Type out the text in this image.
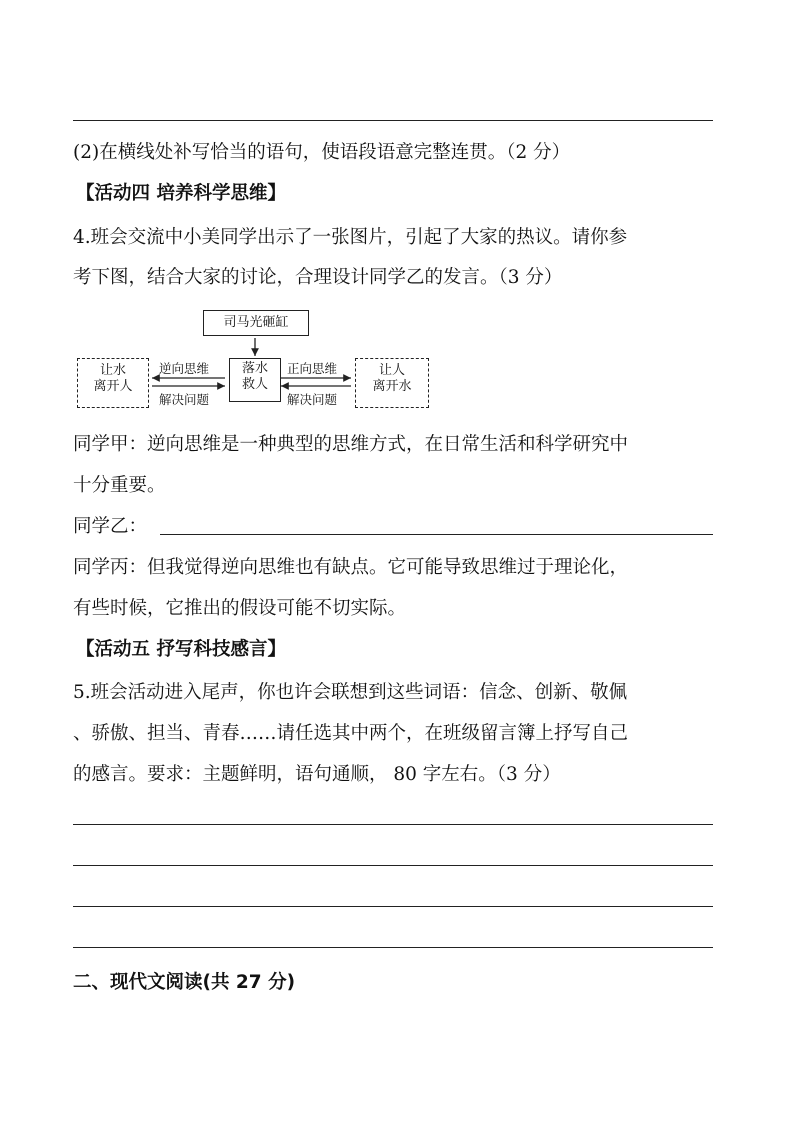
(2)在横线处补写恰当的语句，使语段语意完整连贯。（2 分）
【活动四 培养科学思维】
4.班会交流中小美同学出示了一张图片，引起了大家的热议。请你参
考下图，结合大家的讨论，合理设计同学乙的发言。（3 分）
司马光砸缸
落水
救人
让水
离开人
让人
离开水
逆向思维
解决问题
正向思维
解决问题
同学甲：逆向思维是一种典型的思维方式，在日常生活和科学研究中
十分重要。
同学乙：
同学丙：但我觉得逆向思维也有缺点。它可能导致思维过于理论化，
有些时候，它推出的假设可能不切实际。
【活动五 抒写科技感言】
5.班会活动进入尾声，你也许会联想到这些词语：信念、创新、敬佩
、骄傲、担当、青春……请任选其中两个，在班级留言簿上抒写自己
的感言。要求：主题鲜明，语句通顺， 80 字左右。（3 分）
二、现代文阅读(共 27 分)
